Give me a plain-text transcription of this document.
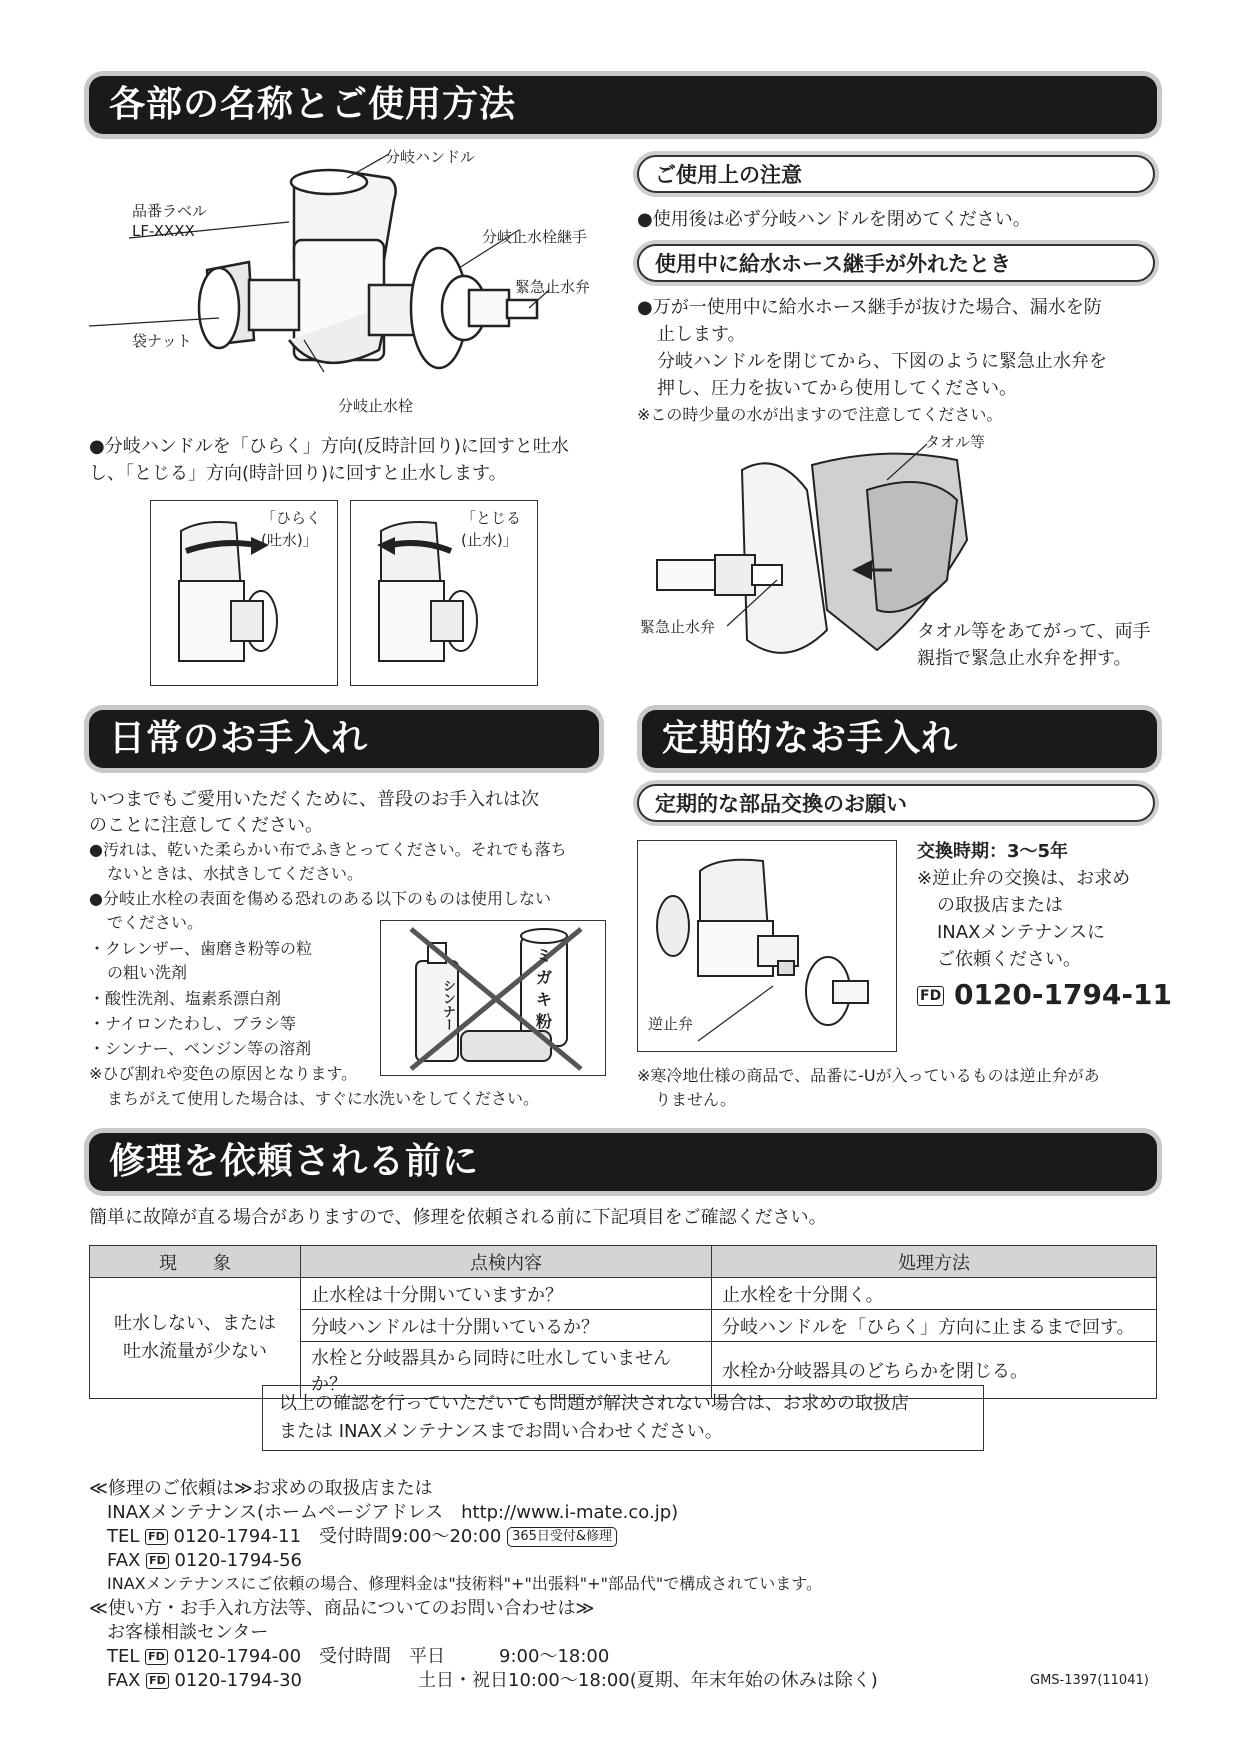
各部の名称とご使用方法
日常のお手入れ	定期的なお手入れ
修理を依頼される前に
分岐ハンドル
品番ラベル
LF-XXXX	分岐止水栓継手
緊急止水弁
袋ナット
分岐止水栓
●分岐ハンドルを「ひらく」方向(反時計回り)に回すと吐水
し、「とじる」方向(時計回り)に回すと止水します。
「ひらく
(吐水)」
「とじる
(止水)」
ご使用上の注意
●使用後は必ず分岐ハンドルを閉めてください。
使用中に給水ホース継手が外れたとき
●万が一使用中に給水ホース継手が抜けた場合、漏水を防
止します。
分岐ハンドルを閉じてから、下図のように緊急止水弁を
押し、圧力を抜いてから使用してください。
※この時少量の水が出ますので注意してください。
タオル等
緊急止水弁	タオル等をあてがって、両手
親指で緊急止水弁を押す。
いつまでもご愛用いただくために、普段のお手入れは次
のことに注意してください。
●汚れは、乾いた柔らかい布でふきとってください。それでも落ち
ないときは、水拭きしてください。
●分岐止水栓の表面を傷める恐れのある以下のものは使用しない
でください。
・クレンザー、歯磨き粉等の粒
の粗い洗剤
・酸性洗剤、塩素系漂白剤
・ナイロンたわし、ブラシ等
・シンナー、ベンジン等の溶剤
※ひび割れや変色の原因となります。
まちがえて使用した場合は、すぐに水洗いをしてください。
シンナー
ミ
ガ
キ
粉
定期的な部品交換のお願い
逆止弁
交換時期：3～5年
※逆止弁の交換は、お求め
の取扱店または
INAXメンテナンスに
ご依頼ください。
FD 0120-1794-11
※寒冷地仕様の商品で、品番に-Uが入っているものは逆止弁があ
りません。
簡単に故障が直る場合がありますので、修理を依頼される前に下記項目をご確認ください。
現　　象	点検内容	処理方法

吐水しない、または
吐水流量が少ない	止水栓は十分開いていますか？	止水栓を十分開く。
	分岐ハンドルは十分開いているか？	分岐ハンドルを「ひらく」方向に止まるまで回す。
	水栓と分岐器具から同時に吐水していませんか？	水栓か分岐器具のどちらかを閉じる。
以上の確認を行っていただいても問題が解決されない場合は、お求めの取扱店
または INAXメンテナンスまでお問い合わせください。
≪修理のご依頼は≫お求めの取扱店または
INAXメンテナンス(ホームページアドレス　http://www.i-mate.co.jp)
TEL FD 0120-1794-11　受付時間9:00～20:00 365日受付&修理
FAX FD 0120-1794-56
INAXメンテナンスにご依頼の場合、修理料金は"技術料"+"出張料"+"部品代"で構成されています。
≪使い方・お手入れ方法等、商品についてのお問い合わせは≫
お客様相談センター
TEL FD 0120-1794-00　受付時間　平日　　　9:00～18:00
FAX FD 0120-1794-30	土日・祝日10:00～18:00(夏期、年末年始の休みは除く)	GMS-1397(11041)
